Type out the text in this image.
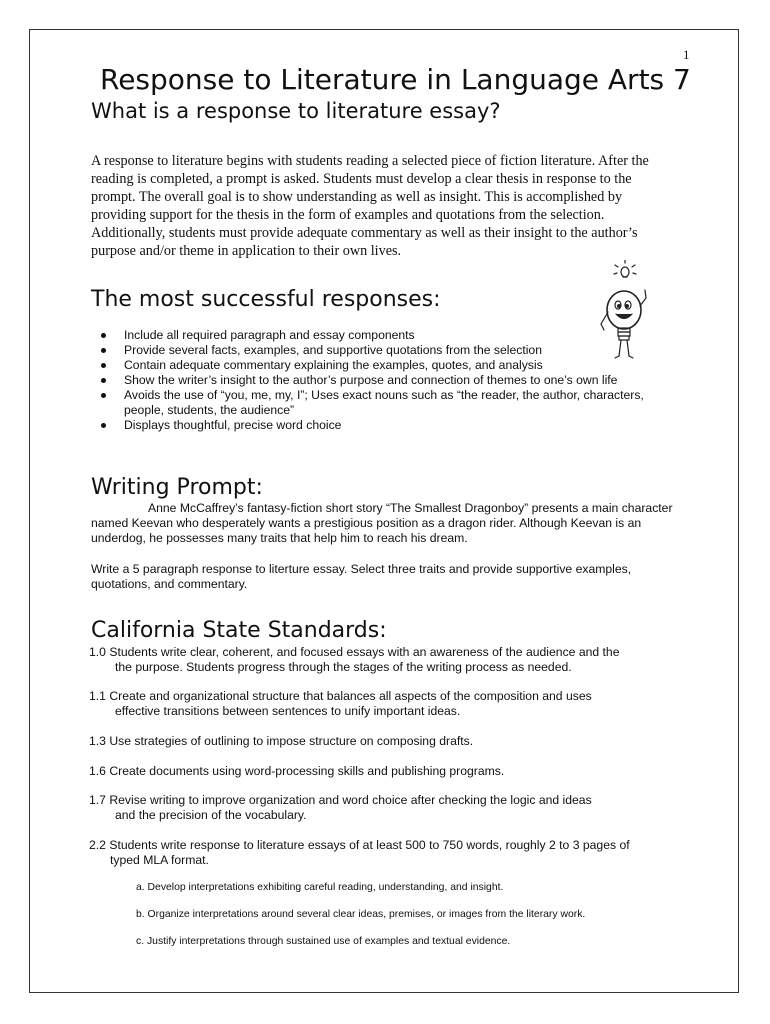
1
Response to Literature in Language Arts 7
What is a response to literature essay?
A response to literature begins with students reading a selected piece of fiction literature. After the
reading is completed, a prompt is asked. Students must develop a clear thesis in response to the
prompt. The overall goal is to show understanding as well as insight. This is accomplished by
providing support for the thesis in the form of examples and quotations from the selection.
Additionally, students must provide adequate commentary as well as their insight to the author’s
purpose and/or theme in application to their own lives.
The most successful responses:
Include all required paragraph and essay components
Provide several facts, examples, and supportive quotations from the selection
Contain adequate commentary explaining the examples, quotes, and analysis
Show the writer’s insight to the author’s purpose and connection of themes to one’s own life
Avoids the use of “you, me, my, I”; Uses exact nouns such as “the reader, the author, characters,
people, students, the audience”
Displays thoughtful, precise word choice
Writing Prompt:
Anne McCaffrey’s fantasy-fiction short story “The Smallest Dragonboy” presents a main character
named Keevan who desperately wants a prestigious position as a dragon rider. Although Keevan is an
underdog, he possesses many traits that help him to reach his dream.
Write a 5 paragraph response to literture essay. Select three traits and provide supportive examples,
quotations, and commentary.
California State Standards:
1.0 Students write clear, coherent, and focused essays with an awareness of the audience and the
the purpose. Students progress through the stages of the writing process as needed.
1.1 Create and organizational structure that balances all aspects of the composition and uses
effective transitions between sentences to unify important ideas.
1.3 Use strategies of outlining to impose structure on composing drafts.
1.6 Create documents using word-processing skills and publishing programs.
1.7 Revise writing to improve organization and word choice after checking the logic and ideas
and the precision of the vocabulary.
2.2 Students write response to literature essays of at least 500 to 750 words, roughly 2 to 3 pages of
typed MLA format.
a. Develop interpretations exhibiting careful reading, understanding, and insight.
b. Organize interpretations around several clear ideas, premises, or images from the literary work.
c. Justify interpretations through sustained use of examples and textual evidence.
